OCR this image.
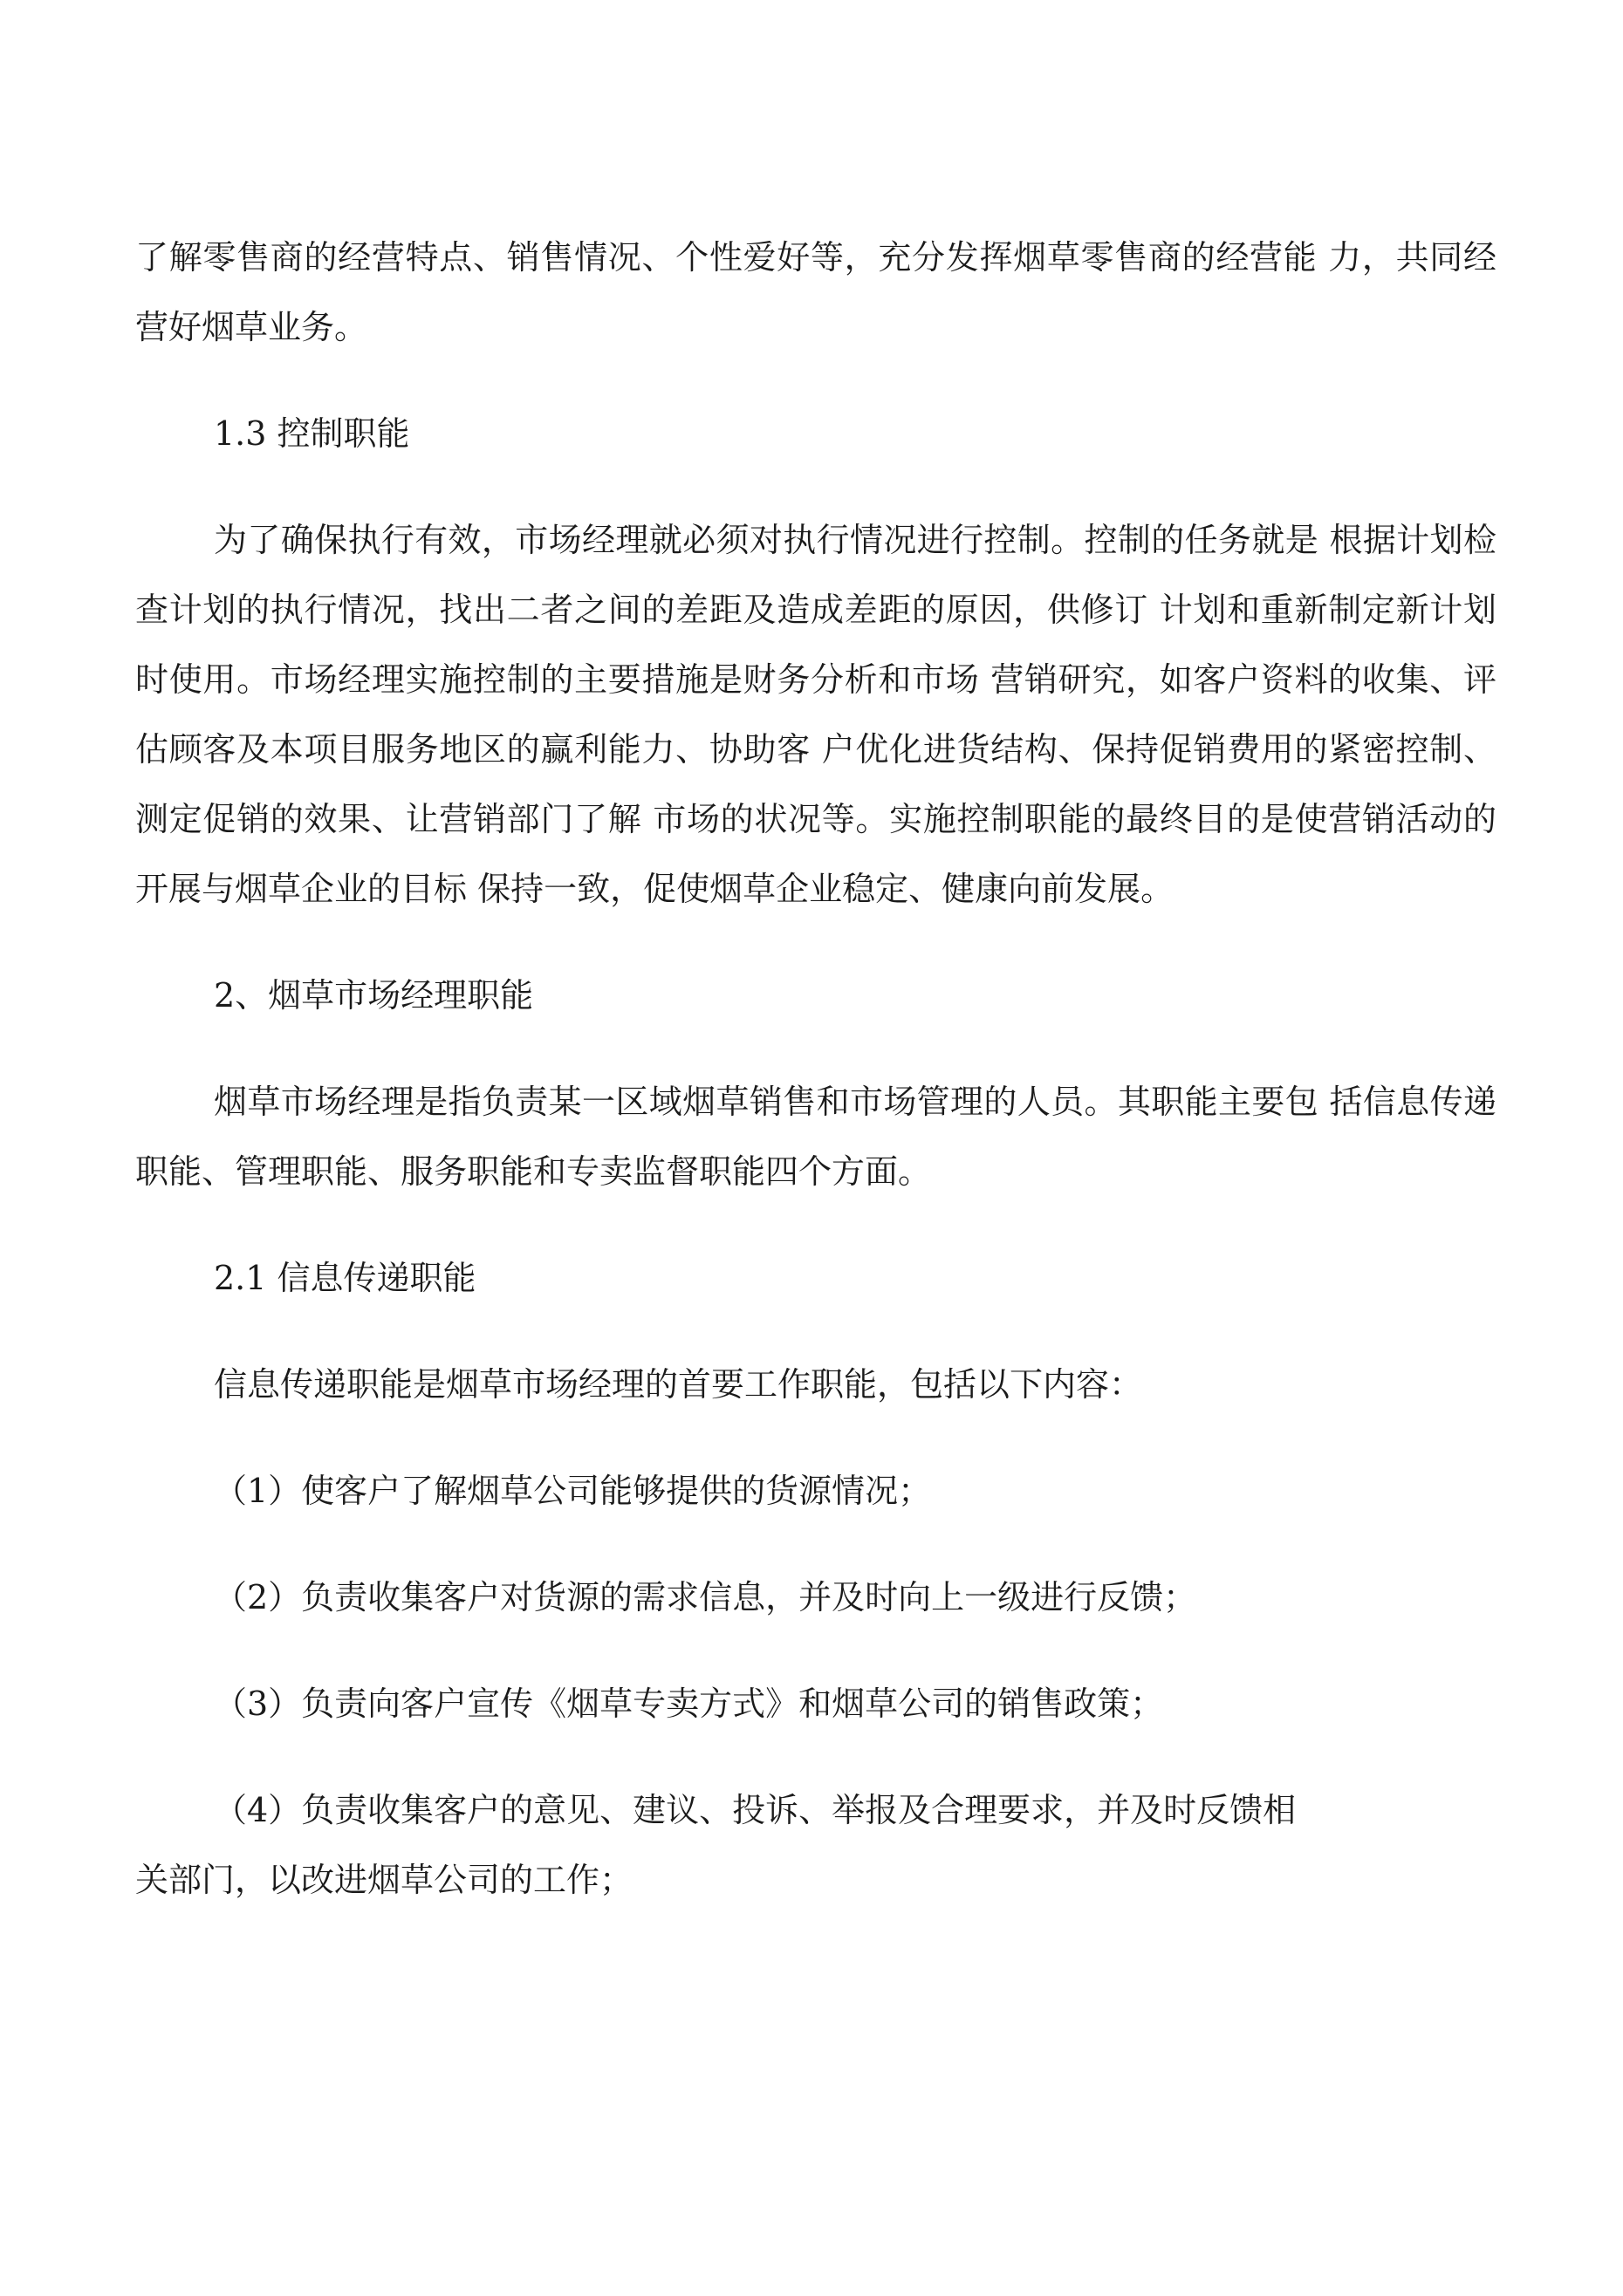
了解零售商的经营特点、销售情况、个性爱好等，充分发挥烟草零售商的经营能 力，共同经营好烟草业务。

1.3 控制职能

为了确保执行有效，市场经理就必须对执行情况进行控制。控制的任务就是 根据计划检查计划的执行情况，找出二者之间的差距及造成差距的原因，供修订 计划和重新制定新计划时使用。市场经理实施控制的主要措施是财务分析和市场 营销研究，如客户资料的收集、评估顾客及本项目服务地区的赢利能力、协助客 户优化进货结构、保持促销费用的紧密控制、测定促销的效果、让营销部门了解 市场的状况等。实施控制职能的最终目的是使营销活动的开展与烟草企业的目标 保持一致，促使烟草企业稳定、健康向前发展。

2、烟草市场经理职能

烟草市场经理是指负责某一区域烟草销售和市场管理的人员。其职能主要包 括信息传递职能、管理职能、服务职能和专卖监督职能四个方面。

2.1 信息传递职能

信息传递职能是烟草市场经理的首要工作职能，包括以下内容：

（1）使客户了解烟草公司能够提供的货源情况；

（2）负责收集客户对货源的需求信息，并及时向上一级进行反馈；

（3）负责向客户宣传《烟草专卖方式》和烟草公司的销售政策；

（4）负责收集客户的意见、建议、投诉、举报及合理要求，并及时反馈相

关部门，以改进烟草公司的工作；
